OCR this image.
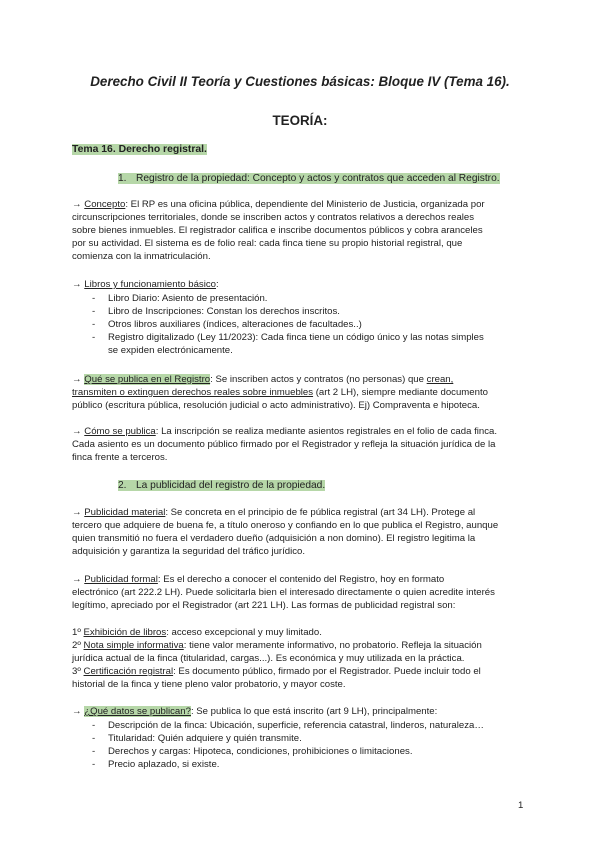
Derecho Civil II Teoría y Cuestiones básicas: Bloque IV (Tema 16).
TEORÍA:
Tema 16. Derecho registral.
1. Registro de la propiedad: Concepto y actos y contratos que acceden al Registro.
→ Concepto: El RP es una oficina pública, dependiente del Ministerio de Justicia, organizada por
circunscripciones territoriales, donde se inscriben actos y contratos relativos a derechos reales
sobre bienes inmuebles. El registrador califica e inscribe documentos públicos y cobra aranceles
por su actividad. El sistema es de folio real: cada finca tiene su propio historial registral, que
comienza con la inmatriculación.
→ Libros y funcionamiento básico:
- Libro Diario: Asiento de presentación.
- Libro de Inscripciones: Constan los derechos inscritos.
- Otros libros auxiliares (índices, alteraciones de facultades..)
- Registro digitalizado (Ley 11/2023): Cada finca tiene un código único y las notas simples
se expiden electrónicamente.
→ Qué se publica en el Registro: Se inscriben actos y contratos (no personas) que crean,
transmiten o extinguen derechos reales sobre inmuebles (art 2 LH), siempre mediante documento
público (escritura pública, resolución judicial o acto administrativo). Ej) Compraventa e hipoteca.
→ Cómo se publica: La inscripción se realiza mediante asientos registrales en el folio de cada finca.
Cada asiento es un documento público firmado por el Registrador y refleja la situación jurídica de la
finca frente a terceros.
2. La publicidad del registro de la propiedad.
→ Publicidad material: Se concreta en el principio de fe pública registral (art 34 LH). Protege al
tercero que adquiere de buena fe, a título oneroso y confiando en lo que publica el Registro, aunque
quien transmitió no fuera el verdadero dueño (adquisición a non domino). El registro legitima la
adquisición y garantiza la seguridad del tráfico jurídico.
→ Publicidad formal: Es el derecho a conocer el contenido del Registro, hoy en formato
electrónico (art 222.2 LH). Puede solicitarla bien el interesado directamente o quien acredite interés
legítimo, apreciado por el Registrador (art 221 LH). Las formas de publicidad registral son:
1º Exhibición de libros: acceso excepcional y muy limitado.
2º Nota simple informativa: tiene valor meramente informativo, no probatorio. Refleja la situación
jurídica actual de la finca (titularidad, cargas...). Es económica y muy utilizada en la práctica.
3º Certificación registral: Es documento público, firmado por el Registrador. Puede incluir todo el
historial de la finca y tiene pleno valor probatorio, y mayor coste.
→ ¿Qué datos se publican?: Se publica lo que está inscrito (art 9 LH), principalmente:
- Descripción de la finca: Ubicación, superficie, referencia catastral, linderos, naturaleza…
- Titularidad: Quién adquiere y quién transmite.
- Derechos y cargas: Hipoteca, condiciones, prohibiciones o limitaciones.
- Precio aplazado, si existe.
1
